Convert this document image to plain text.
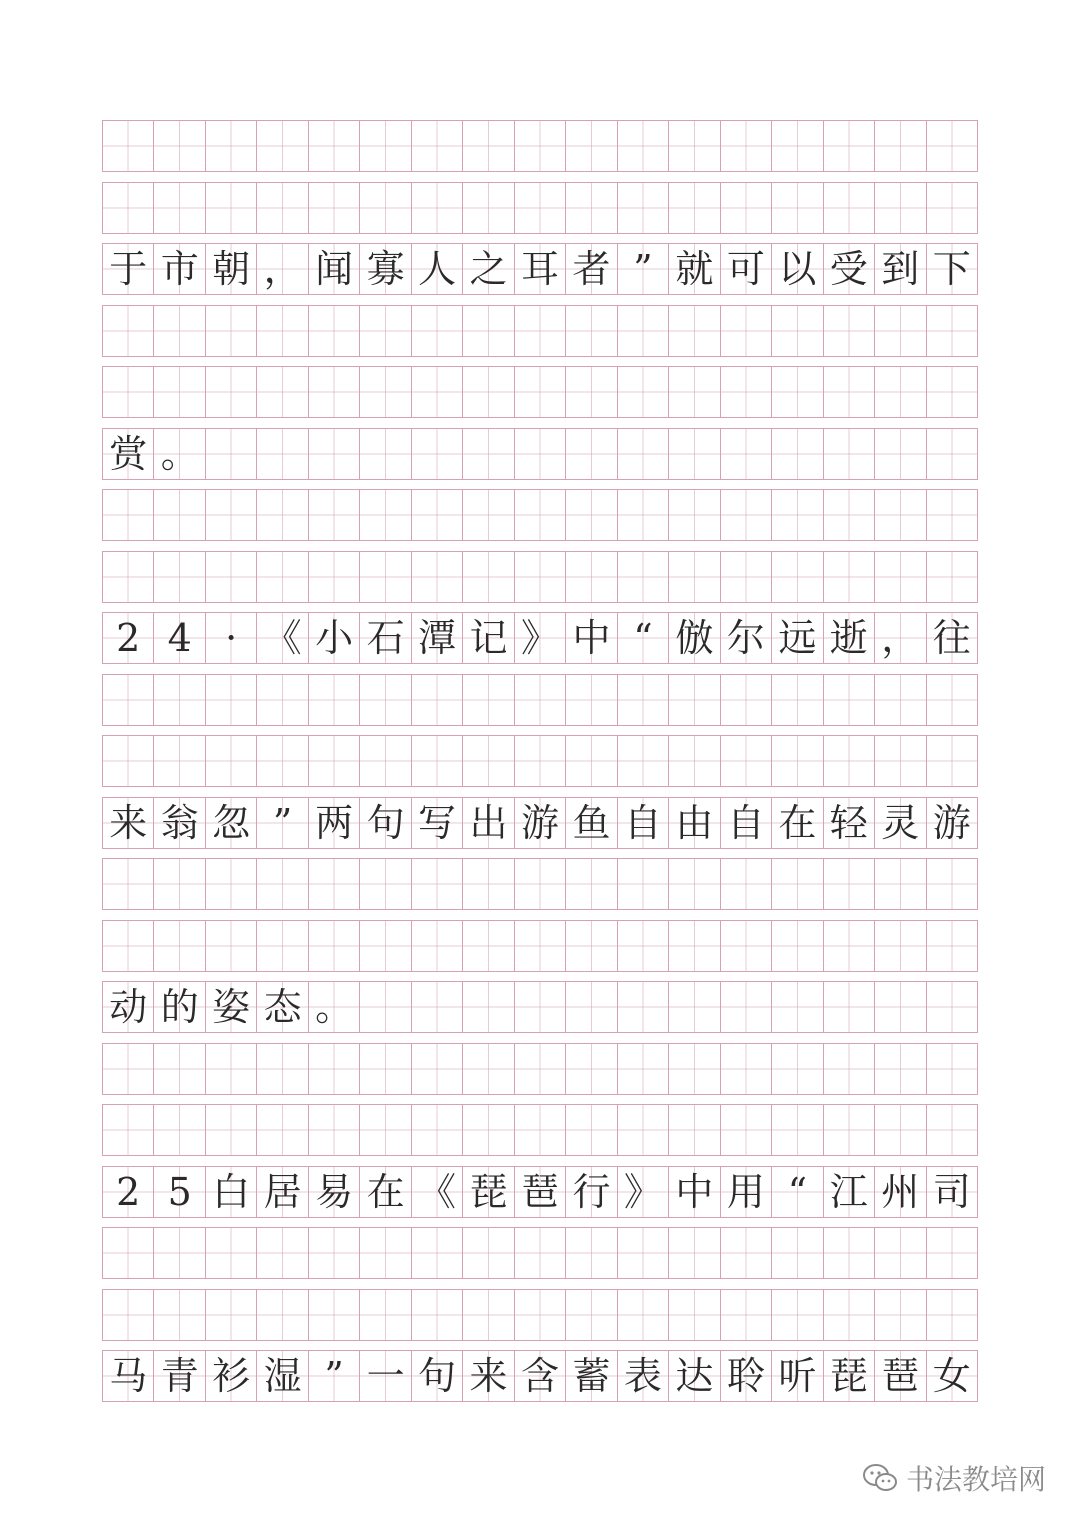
于 市 朝 ， 闻 寡 人 之 耳 者 ” 就 可 以 受 到 下
赏 。
2 4 · 《 小 石 潭 记 》 中 “ 倣 尔 远 逝 ， 往
来 翁 忽 ” 两 句 写 出 游 鱼 自 由 自 在 轻 灵 游
动 的 姿 态 。
2 5 白 居 易 在 《 琵 琶 行 》 中 用 “ 江 州 司
马 青 衫 湿 ” 一 句 来 含 蓄 表 达 聆 听 琵 琶 女
书法教培网
